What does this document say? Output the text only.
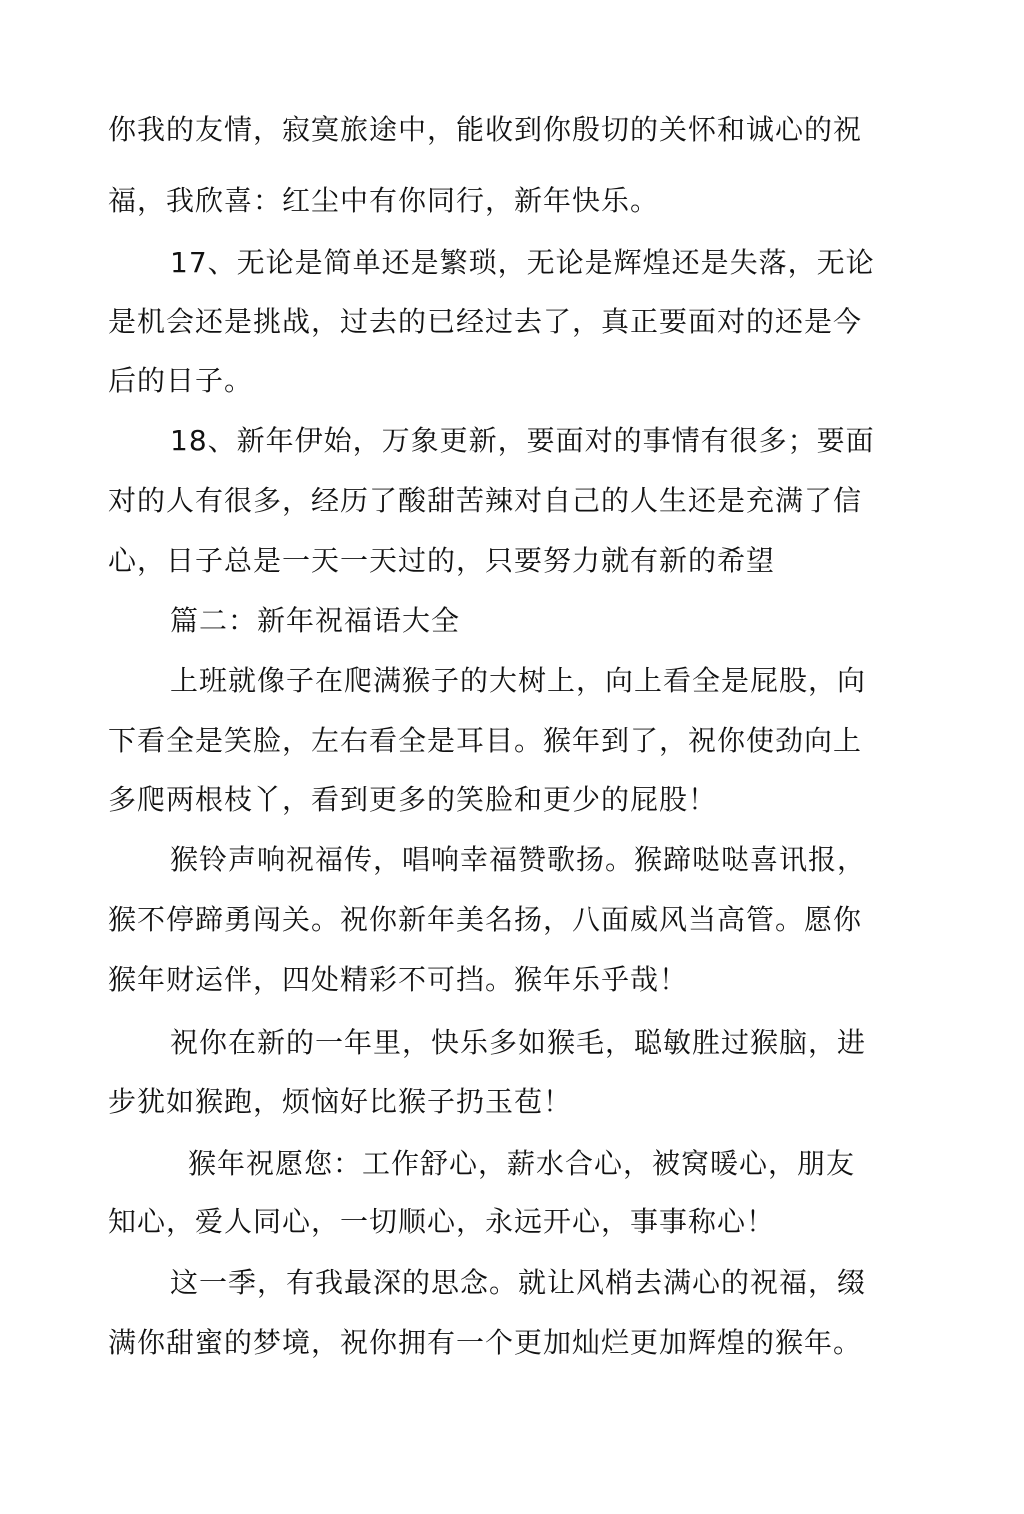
你我的友情，寂寞旅途中，能收到你殷切的关怀和诚心的祝
福，我欣喜：红尘中有你同行，新年快乐。
17、无论是简单还是繁琐，无论是辉煌还是失落，无论
是机会还是挑战，过去的已经过去了，真正要面对的还是今
后的日子。
18、新年伊始，万象更新，要面对的事情有很多；要面
对的人有很多，经历了酸甜苦辣对自己的人生还是充满了信
心，日子总是一天一天过的，只要努力就有新的希望
篇二：新年祝福语大全
上班就像子在爬满猴子的大树上，向上看全是屁股，向
下看全是笑脸，左右看全是耳目。猴年到了，祝你使劲向上
多爬两根枝丫，看到更多的笑脸和更少的屁股！
猴铃声响祝福传，唱响幸福赞歌扬。猴蹄哒哒喜讯报，
猴不停蹄勇闯关。祝你新年美名扬，八面威风当高管。愿你
猴年财运伴，四处精彩不可挡。猴年乐乎哉！
祝你在新的一年里，快乐多如猴毛，聪敏胜过猴脑，进
步犹如猴跑，烦恼好比猴子扔玉苞！
猴年祝愿您：工作舒心，薪水合心，被窝暖心，朋友
知心，爱人同心，一切顺心，永远开心，事事称心！
这一季，有我最深的思念。就让风梢去满心的祝福，缀
满你甜蜜的梦境，祝你拥有一个更加灿烂更加辉煌的猴年。
